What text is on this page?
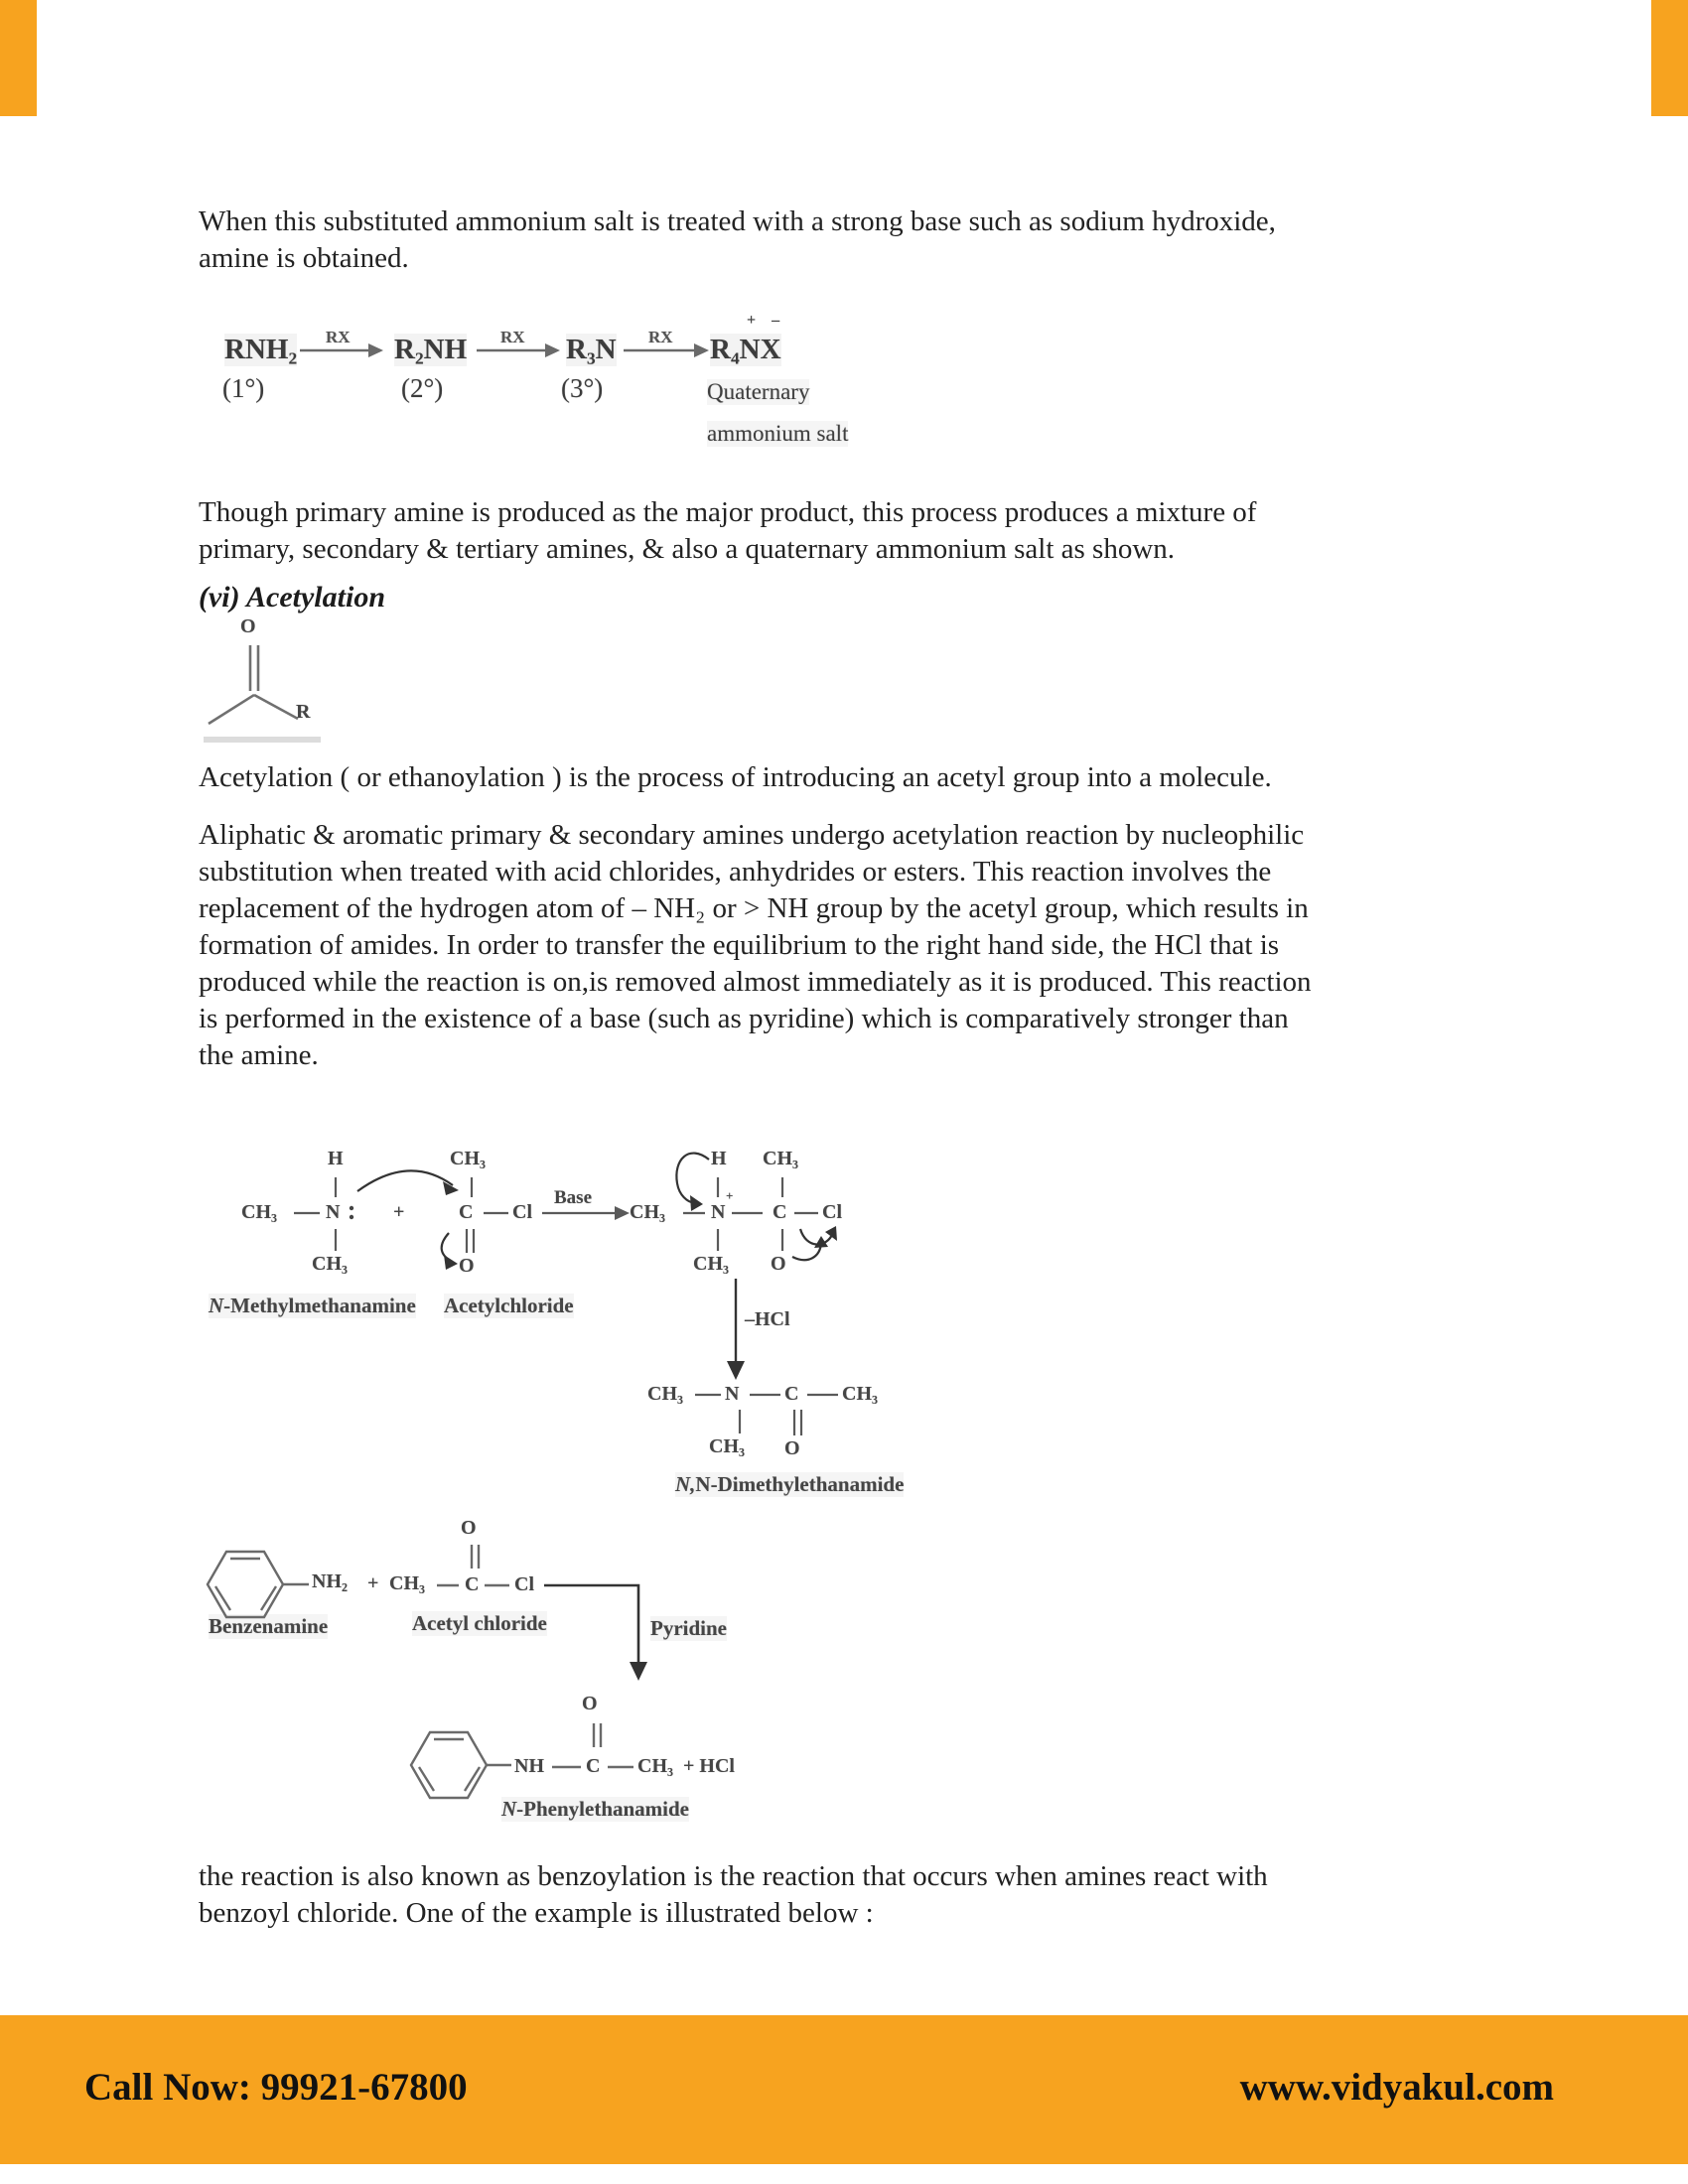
When this substituted ammonium salt is treated with a strong base such as sodium hydroxide,
amine is obtained.
RNH₂
(1°)
RX R₂NH
(2°)
RX R₃N
(3°)
RX R₄NX
+ –
Quaternary
ammonium salt
Though primary amine is produced as the major product, this process produces a mixture of
primary, secondary & tertiary amines, & also a quaternary ammonium salt as shown.
(vi) Acetylation
O
R
Acetylation ( or ethanoylation ) is the process of introducing an acetyl group into a molecule.
Aliphatic & aromatic primary & secondary amines undergo acetylation reaction by nucleophilic
substitution when treated with acid chlorides, anhydrides or esters. This reaction involves the
replacement of the hydrogen atom of – NH₂ or > NH group by the acetyl group, which results in
formation of amides. In order to transfer the equilibrium to the right hand side, the HCl that is
produced while the reaction is on,is removed almost immediately as it is produced. This reaction
is performed in the existence of a base (such as pyridine) which is comparatively stronger than
the amine.
H
CH₃ N
CH₃
+
CH₃
C Cl
O
Base
CH₃ N
+
H
CH₃
C
CH₃
Cl
O
–HCl
N-Methylmethanamine Acetylchloride
CH₃ N C CH₃
CH₃ O
N,N-Dimethylethanamide
NH₂ + CH₃ C
O
Cl
Pyridine
Benzenamine	Acetyl chloride
NH C
O
CH₃ + HCl
N-Phenylethanamide
the reaction is also known as benzoylation is the reaction that occurs when amines react with
benzoyl chloride. One of the example is illustrated below :
Call Now: 99921-67800	www.vidyakul.com
